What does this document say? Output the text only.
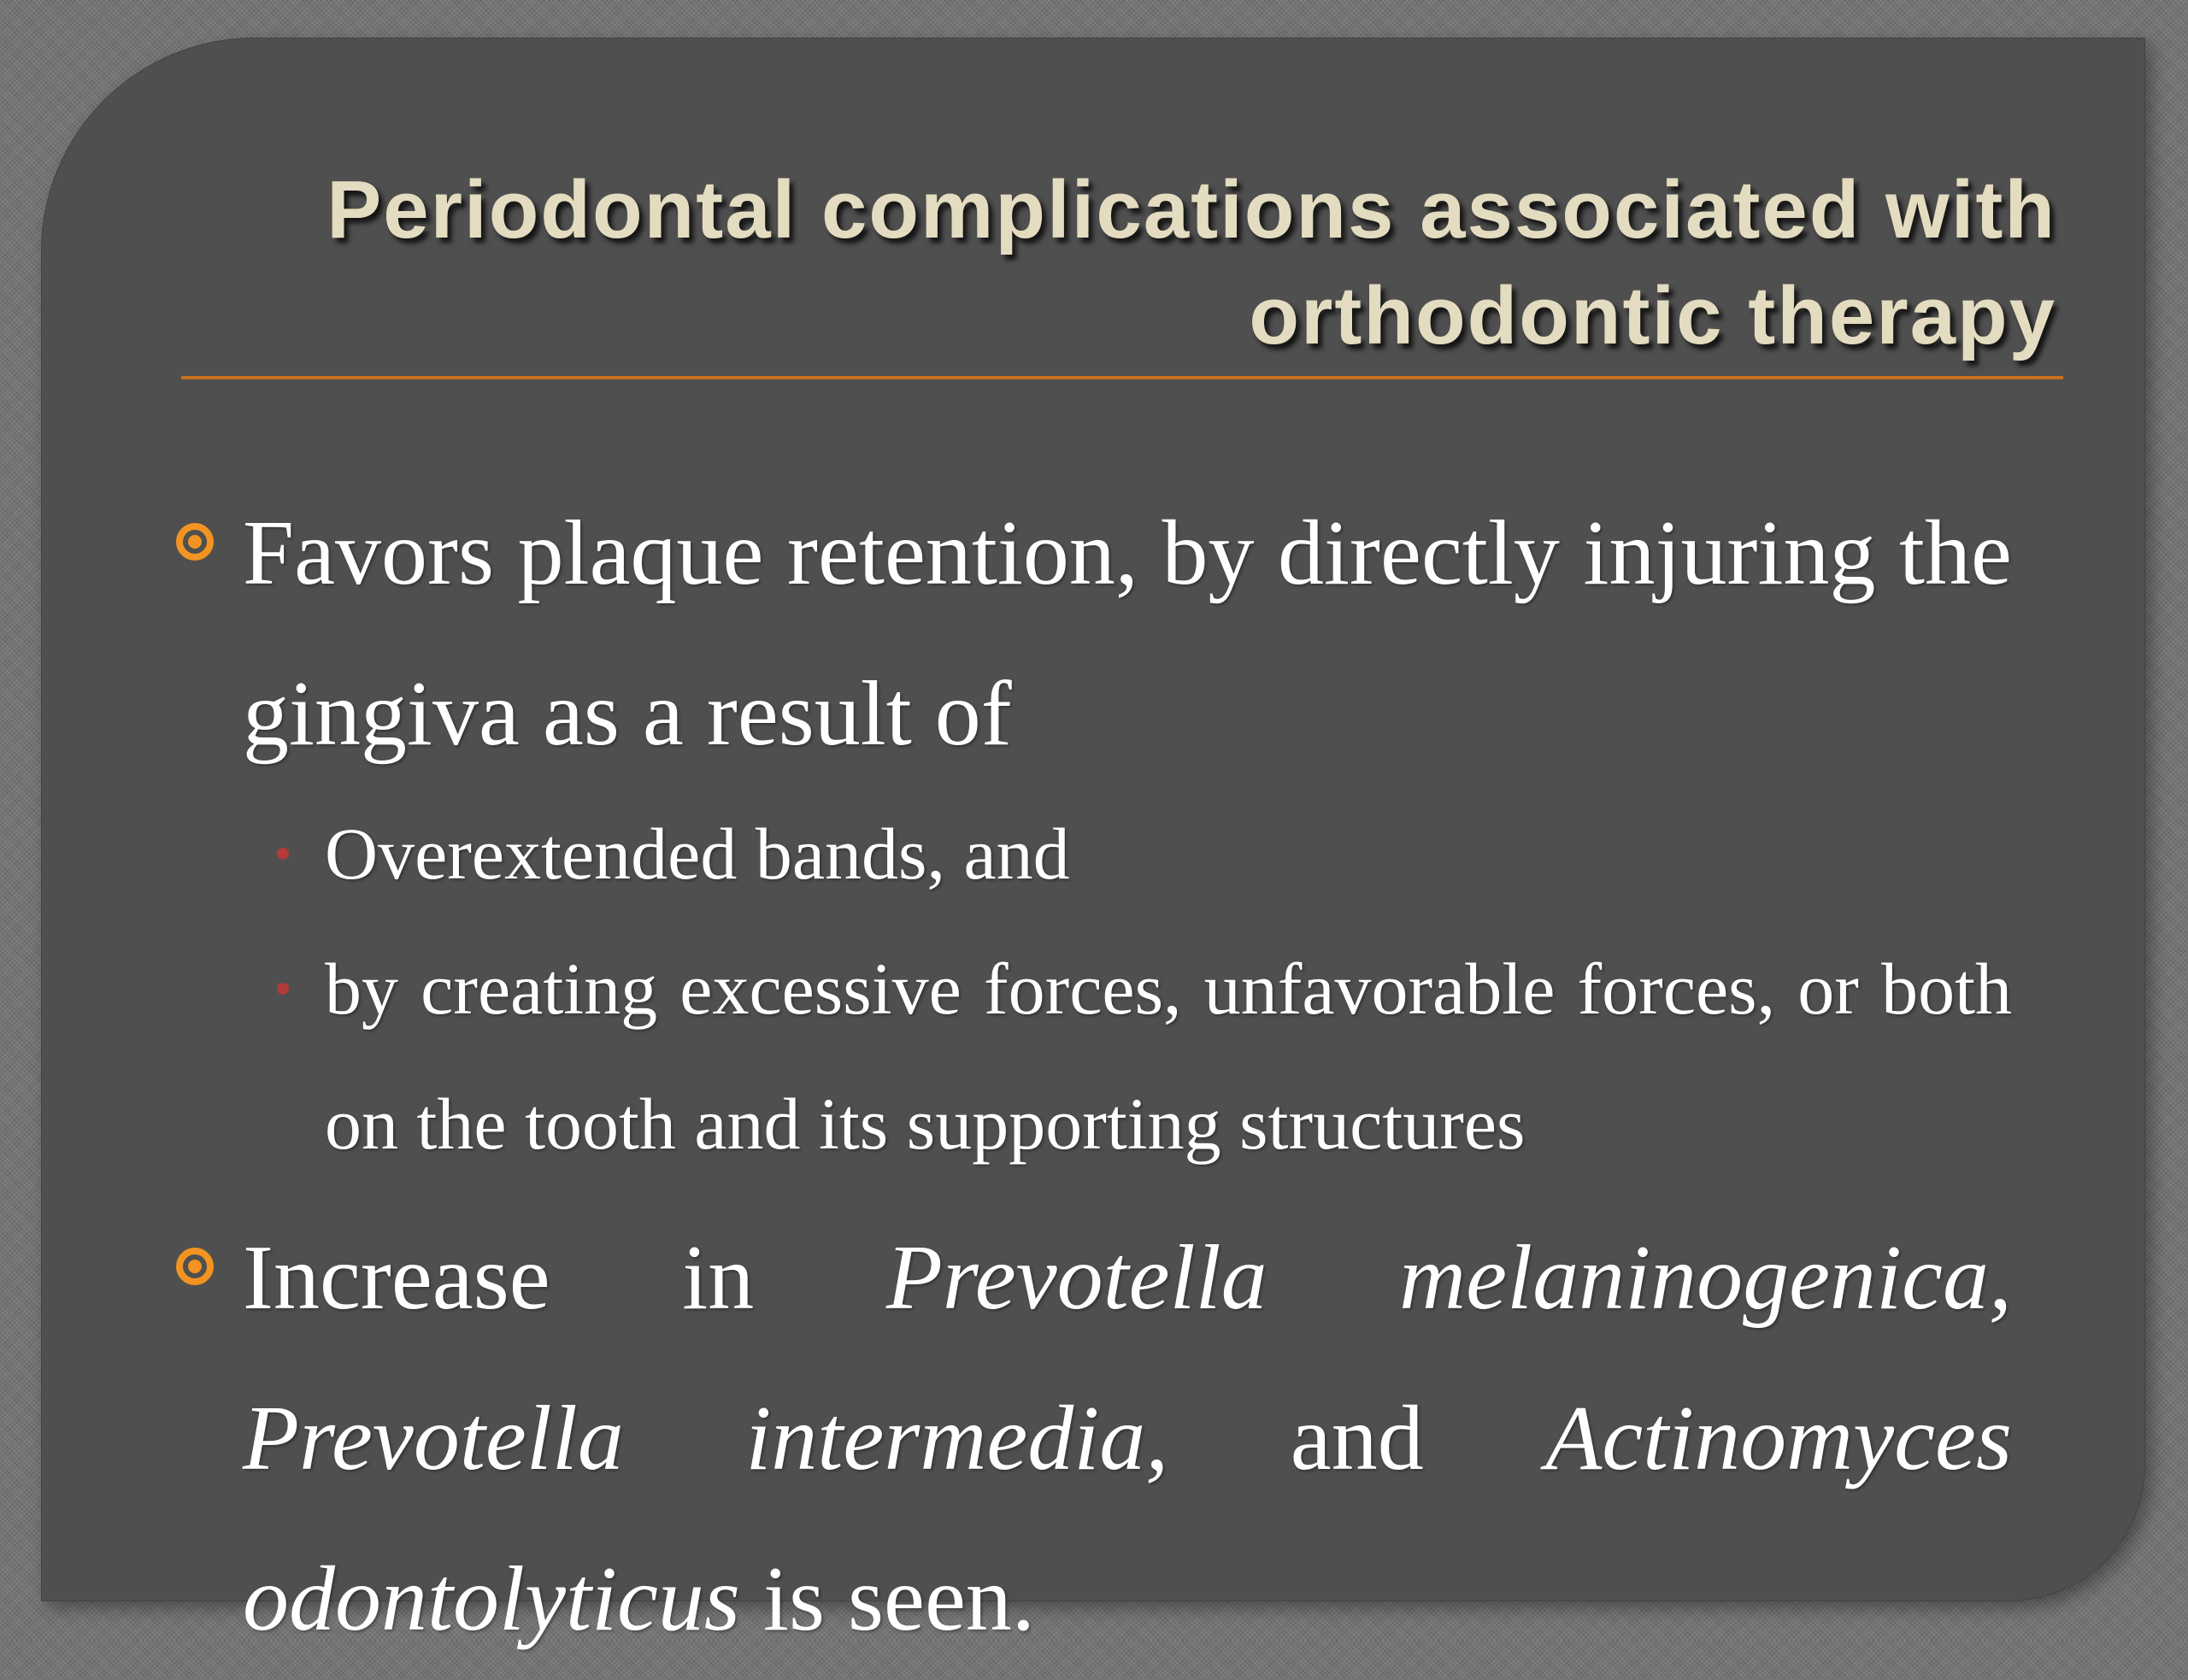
Periodontal complications associated with
orthodontic therapy
Favors plaque retention, by directly injuring the gingiva as a result of
Overextended bands, and
by creating excessive forces, unfavorable forces, or both on the tooth and its supporting structures
Increase in Prevotella melaninogenica, Prevotella intermedia, and Actinomyces odontolyticus is seen.
